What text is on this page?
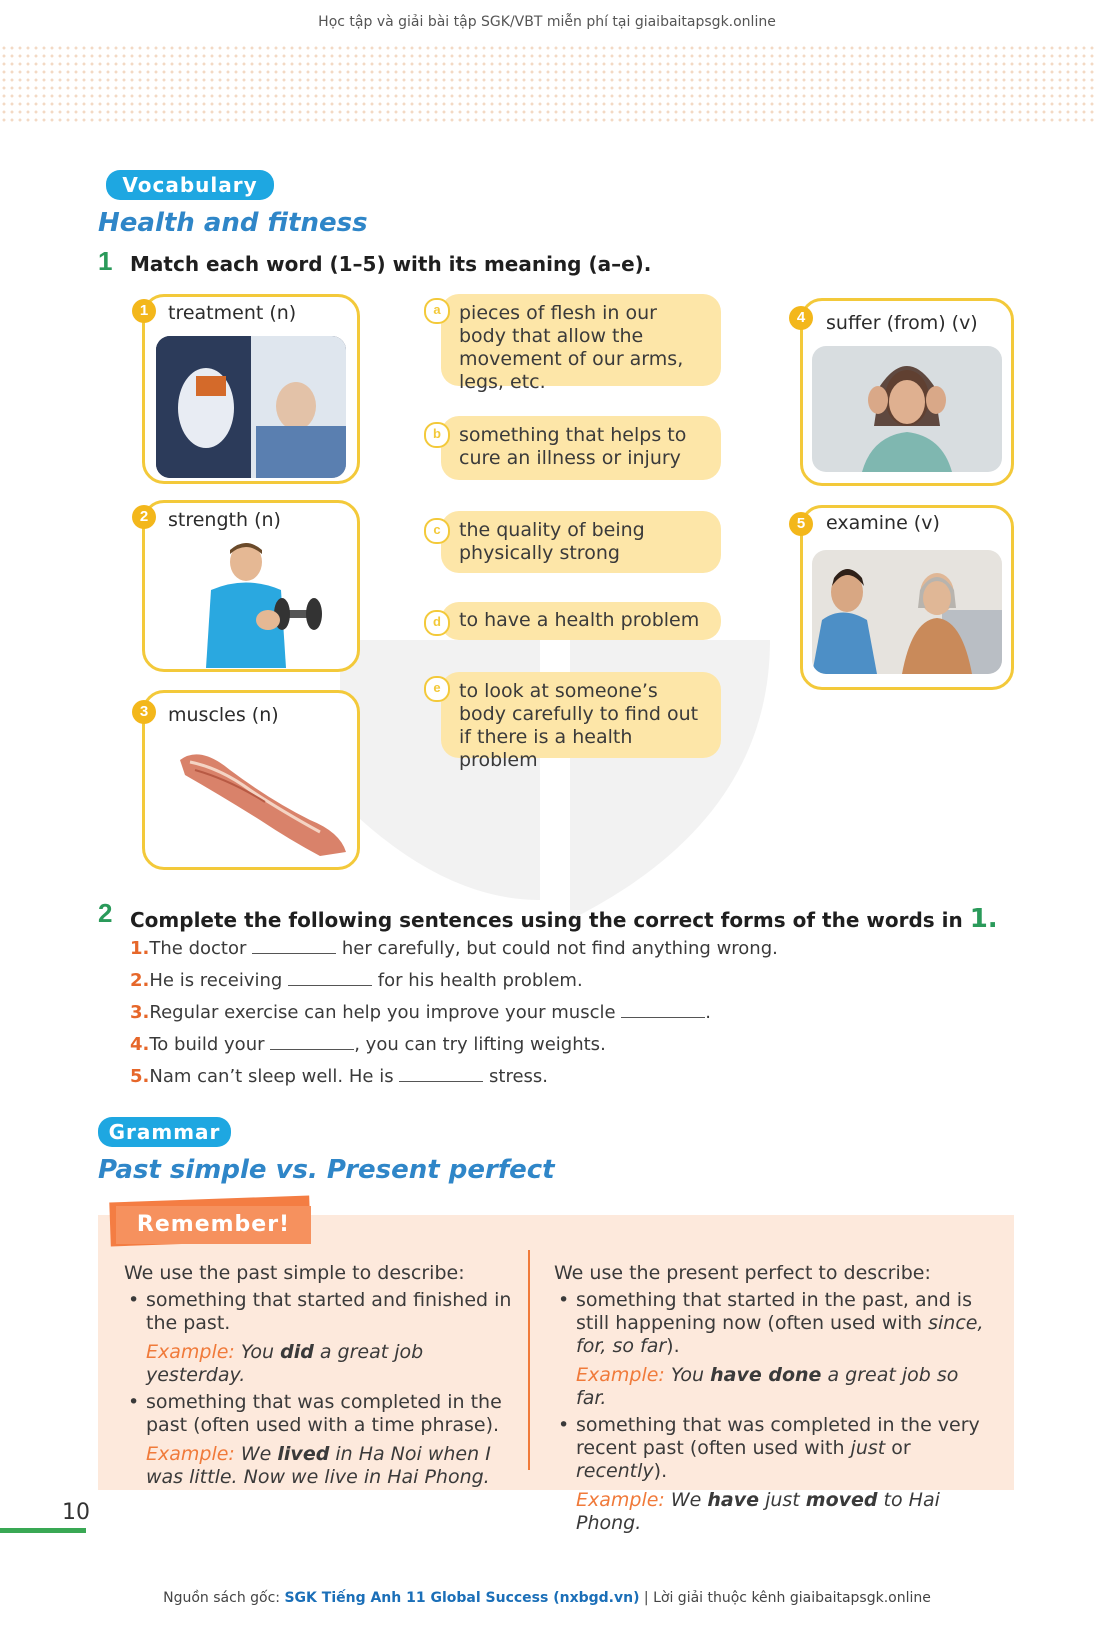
Học tập và giải bài tập SGK/VBT miễn phí tại giaibaitapsgk.online
Vocabulary
Health and fitness
1 Match each word (1–5) with its meaning (a–e).
1	treatment (n)
2	strength (n)
3	muscles (n)
4	suffer (from) (v)
5	examine (v)
pieces of flesh in our body that allow the movement of our arms, legs, etc.
a
something that helps to cure an illness or injury
b
the quality of being physically strong
c
to have a health problem
d
to look at someone’s body carefully to find out if there is a health problem
e
2 Complete the following sentences using the correct forms of the words in 1.
1.The doctor	her carefully, but could not find anything wrong.
2.He is receiving	for his health problem.
3.Regular exercise can help you improve your muscle	.
4.To build your	, you can try lifting weights.
5.Nam can’t sleep well. He is	stress.
Grammar
Past simple vs. Present perfect
Remember!
We use the past simple to describe:
• something that started and finished in the past.
Example: You did a great job yesterday.
• something that was completed in the past (often used with a time phrase).
Example: We lived in Ha Noi when I was little. Now we live in Hai Phong.
We use the present perfect to describe:
• something that started in the past, and is still happening now (often used with since, for, so far).
Example: You have done a great job so far.
• something that was completed in the very recent past (often used with just or recently).
Example: We have just moved to Hai Phong.
10
Nguồn sách gốc: SGK Tiếng Anh 11 Global Success (nxbgd.vn) | Lời giải thuộc kênh giaibaitapsgk.online
